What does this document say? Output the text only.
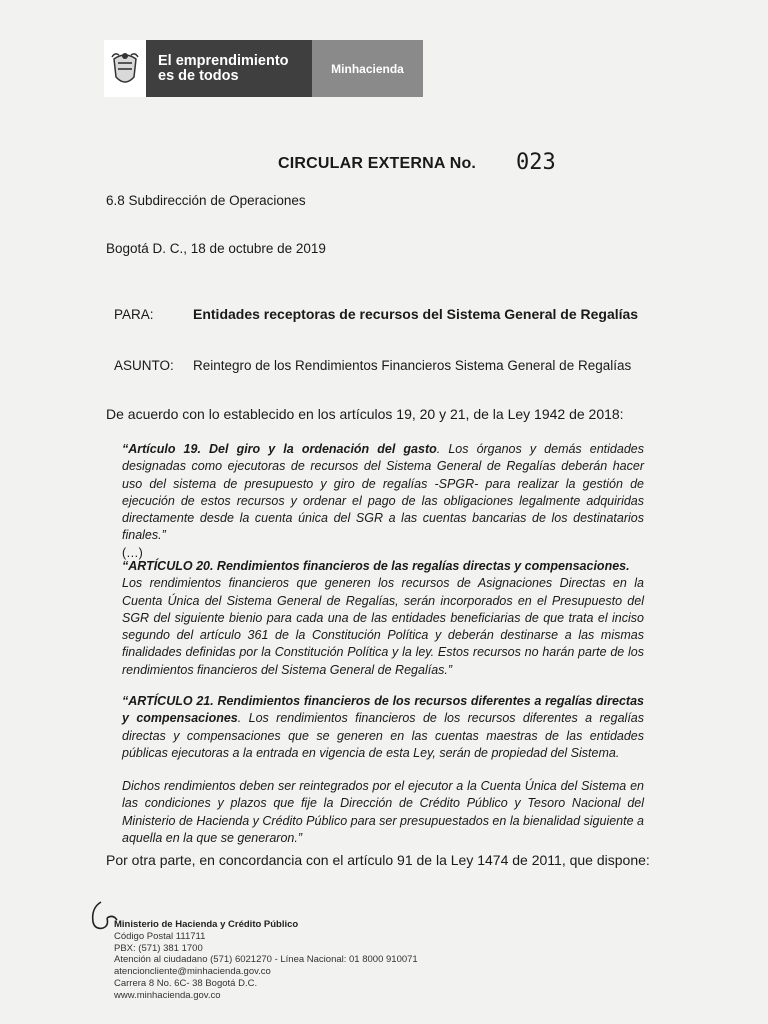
El emprendimiento
es de todos	Minhacienda
CIRCULAR EXTERNA No. 023
6.8 Subdirección de Operaciones
Bogotá D. C., 18 de octubre de 2019
PARA:	Entidades receptoras de recursos del Sistema General de Regalías
ASUNTO: Reintegro de los Rendimientos Financieros Sistema General de Regalías
De acuerdo con lo establecido en los artículos 19, 20 y 21, de la Ley 1942 de 2018:
“Artículo 19. Del giro y la ordenación del gasto. Los órganos y demás entidades designadas como ejecutoras de recursos del Sistema General de Regalías deberán hacer uso del sistema de presupuesto y giro de regalías -SPGR- para realizar la gestión de ejecución de estos recursos y ordenar el pago de las obligaciones legalmente adquiridas directamente desde la cuenta única del SGR a las cuentas bancarias de los destinatarios finales.”
(…)
“ARTÍCULO 20. Rendimientos financieros de las regalías directas y compensaciones.
Los rendimientos financieros que generen los recursos de Asignaciones Directas en la Cuenta Única del Sistema General de Regalías, serán incorporados en el Presupuesto del SGR del siguiente bienio para cada una de las entidades beneficiarias de que trata el inciso segundo del artículo 361 de la Constitución Política y deberán destinarse a las mismas finalidades definidas por la Constitución Política y la ley. Estos recursos no harán parte de los rendimientos financieros del Sistema General de Regalías.”
“ARTÍCULO 21. Rendimientos financieros de los recursos diferentes a regalías directas y compensaciones. Los rendimientos financieros de los recursos diferentes a regalías directas y compensaciones que se generen en las cuentas maestras de las entidades públicas ejecutoras a la entrada en vigencia de esta Ley, serán de propiedad del Sistema.
Dichos rendimientos deben ser reintegrados por el ejecutor a la Cuenta Única del Sistema en las condiciones y plazos que fije la Dirección de Crédito Público y Tesoro Nacional del Ministerio de Hacienda y Crédito Público para ser presupuestados en la bienalidad siguiente a aquella en la que se generaron.”
Por otra parte, en concordancia con el artículo 91 de la Ley 1474 de 2011, que dispone:
Ministerio de Hacienda y Crédito Público
Código Postal 111711
PBX: (571) 381 1700
Atención al ciudadano (571) 6021270 - Línea Nacional: 01 8000 910071
atencioncliente@minhacienda.gov.co
Carrera 8 No. 6C- 38 Bogotá D.C.
www.minhacienda.gov.co
